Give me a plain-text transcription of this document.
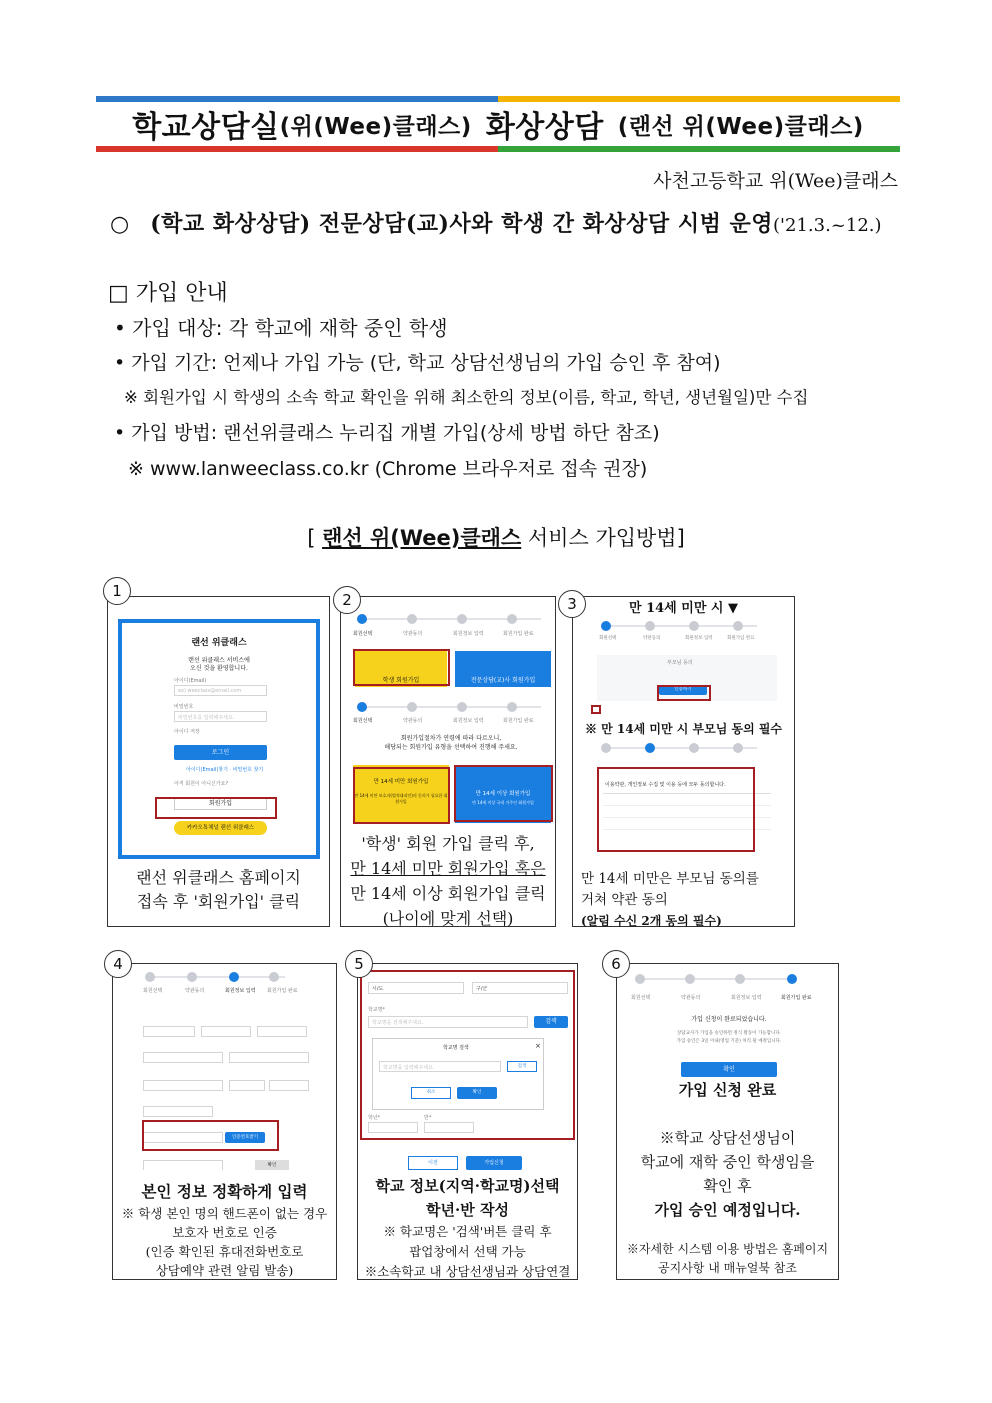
학교상담실 (위(Wee)클래스) 화상상담 (랜선 위(Wee)클래스)
사천고등학교 위(Wee)클래스
○ (학교 화상상담) 전문상담(교)사와 학생 간 화상상담 시범 운영('21.3.~12.)
□ 가입 안내
• 가입 대상: 각 학교에 재학 중인 학생
• 가입 기간: 언제나 가입 가능 (단, 학교 상담선생님의 가입 승인 후 참여)
※ 회원가입 시 학생의 소속 학교 확인을 위해 최소한의 정보(이름, 학교, 학년, 생년월일)만 수집
• 가입 방법: 랜선위클래스 누리집 개별 가입(상세 방법 하단 참조)
※ www.lanweeclass.co.kr (Chrome 브라우저로 접속 권장)
[ 랜선 위(Wee)클래스 서비스 가입방법]
1
랜선 위클래스
랜선 위클래스 서비스에
오신 것을 환영합니다.
아이디(Email)
ex) weeclass@email.com
비밀번호
비밀번호를 입력해주세요.
아이디 저장
로그인
아이디(Email)찾기 · 비밀번호 찾기
아직 회원이 아니신가요?
회원가입
카카오톡채널 랜선 위클래스
랜선 위클래스 홈페이지
접속 후 '회원가입' 클릭
2
회원선택	약관동의	회원정보 입력	회원가입 완료
학생 회원가입	전문상담(교)사 회원가입
회원선택	약관동의	회원정보 입력	회원가입 완료
회원가입절차가 연령에 따라 다르오니,
해당되는 회원가입 유형을 선택하여 진행해 주세요.
만 14세 미만 회원가입
만 14세 미만 보호자(법적대리인)의 동의가 필요한 회원가입
만 14세 이상 회원가입
만 14세 이상 국내 거주인 회원가입
'학생' 회원 가입 클릭 후,
만 14세 미만 회원가입 혹은
만 14세 이상 회원가입 클릭
(나이에 맞게 선택)
3	만 14세 미만 시 ▼
회원선택	약관동의	회원정보 입력	회원가입 완료
부모님 동의
인증하기
※ 만 14세 미만 시 부모님 동의 필수
이용약관, 개인정보 수집 및 이용 등에 모두 동의합니다.
만 14세 미만은 부모님 동의를
거쳐 약관 동의
(알림 수신 2개 동의 필수)
4
회원선택	약관동의	회원정보 입력 회원가입 완료
인증번호받기
확인
본인 정보 정확하게 입력
※ 학생 본인 명의 핸드폰이 없는 경우
보호자 번호로 인증
(인증 확인된 휴대전화번호로
상담예약 관련 알림 발송)
5
시/도	구/군
학교명*
학교명을 검색해주세요.	검색
학교명 검색	×
학교명을 입력해주세요.	검색
취소	확인
학년*	반*
이전	가입신청
학교 정보(지역·학교명)선택
학년·반 작성
※ 학교명은 '검색'버튼 클릭 후
팝업창에서 선택 가능
※소속학교 내 상담선생님과 상담연결
6
회원선택	약관동의	회원정보 입력	회원가입 완료
가입 신청이 완료되었습니다.
상담교사가 가입을 승인하면 정식 활동이 가능합니다.
가입 승인은 3일 이내(영업 기준) 처리 될 예정입니다.
확인
가입 신청 완료
※학교 상담선생님이
학교에 재학 중인 학생임을
확인 후
가입 승인 예정입니다.
※자세한 시스템 이용 방법은 홈페이지
공지사항 내 매뉴얼북 참조
